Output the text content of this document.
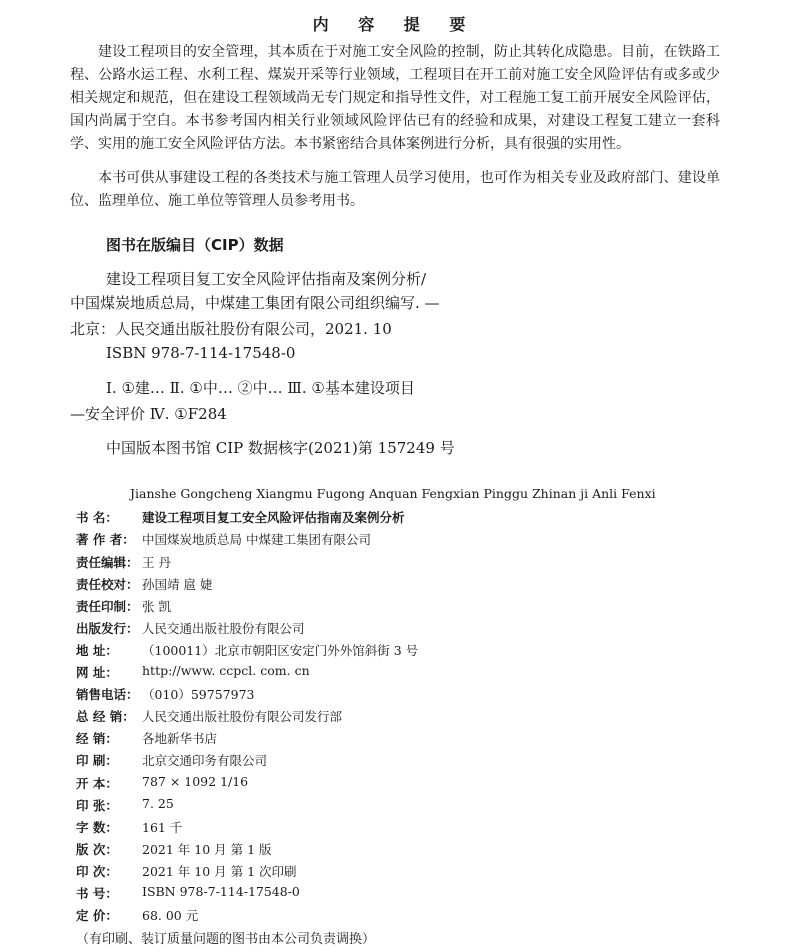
内 容 提 要

建设工程项目的安全管理，其本质在于对施工安全风险的控制，防止其转化成隐患。目前，在铁路工程、公路水运工程、水利工程、煤炭开采等行业领域，工程项目在开工前对施工安全风险评估有或多或少相关规定和规范，但在建设工程领域尚无专门规定和指导性文件，对工程施工复工前开展安全风险评估，国内尚属于空白。本书参考国内相关行业领域风险评估已有的经验和成果，对建设工程复工建立一套科学、实用的施工安全风险评估方法。本书紧密结合具体案例进行分析，具有很强的实用性。

本书可供从事建设工程的各类技术与施工管理人员学习使用，也可作为相关专业及政府部门、建设单位、监理单位、施工单位等管理人员参考用书。

图书在版编目（CIP）数据
建设工程项目复工安全风险评估指南及案例分析/
中国煤炭地质总局，中煤建工集团有限公司组织编写. —
北京：人民交通出版社股份有限公司，2021. 10
ISBN 978-7-114-17548-0
Ⅰ. ①建… Ⅱ. ①中… ②中… Ⅲ. ①基本建设项目
—安全评价 Ⅳ. ①F284
中国版本图书馆 CIP 数据核字(2021)第 157249 号
Jianshe Gongcheng Xiangmu Fugong Anquan Fengxian Pinggu Zhinan ji Anli Fenxi
书 名：	建设工程项目复工安全风险评估指南及案例分析
著 作 者： 中国煤炭地质总局 中煤建工集团有限公司
责任编辑： 王 丹
责任校对： 孙国靖 扈 婕
责任印制： 张 凯
出版发行： 人民交通出版社股份有限公司
地 址：	（100011）北京市朝阳区安定门外外馆斜街 3 号
网 址：	http://www. ccpcl. com. cn
销售电话： （010）59757973
总 经 销： 人民交通出版社股份有限公司发行部
经 销：	各地新华书店
印 刷：	北京交通印务有限公司
开 本：	787 × 1092 1/16
印 张：	7. 25
字 数：	161 千
版 次：	2021 年 10 月 第 1 版
印 次：	2021 年 10 月 第 1 次印刷
书 号：	ISBN 978-7-114-17548-0
定 价：	68. 00 元
（有印刷、装订质量问题的图书由本公司负责调换）
